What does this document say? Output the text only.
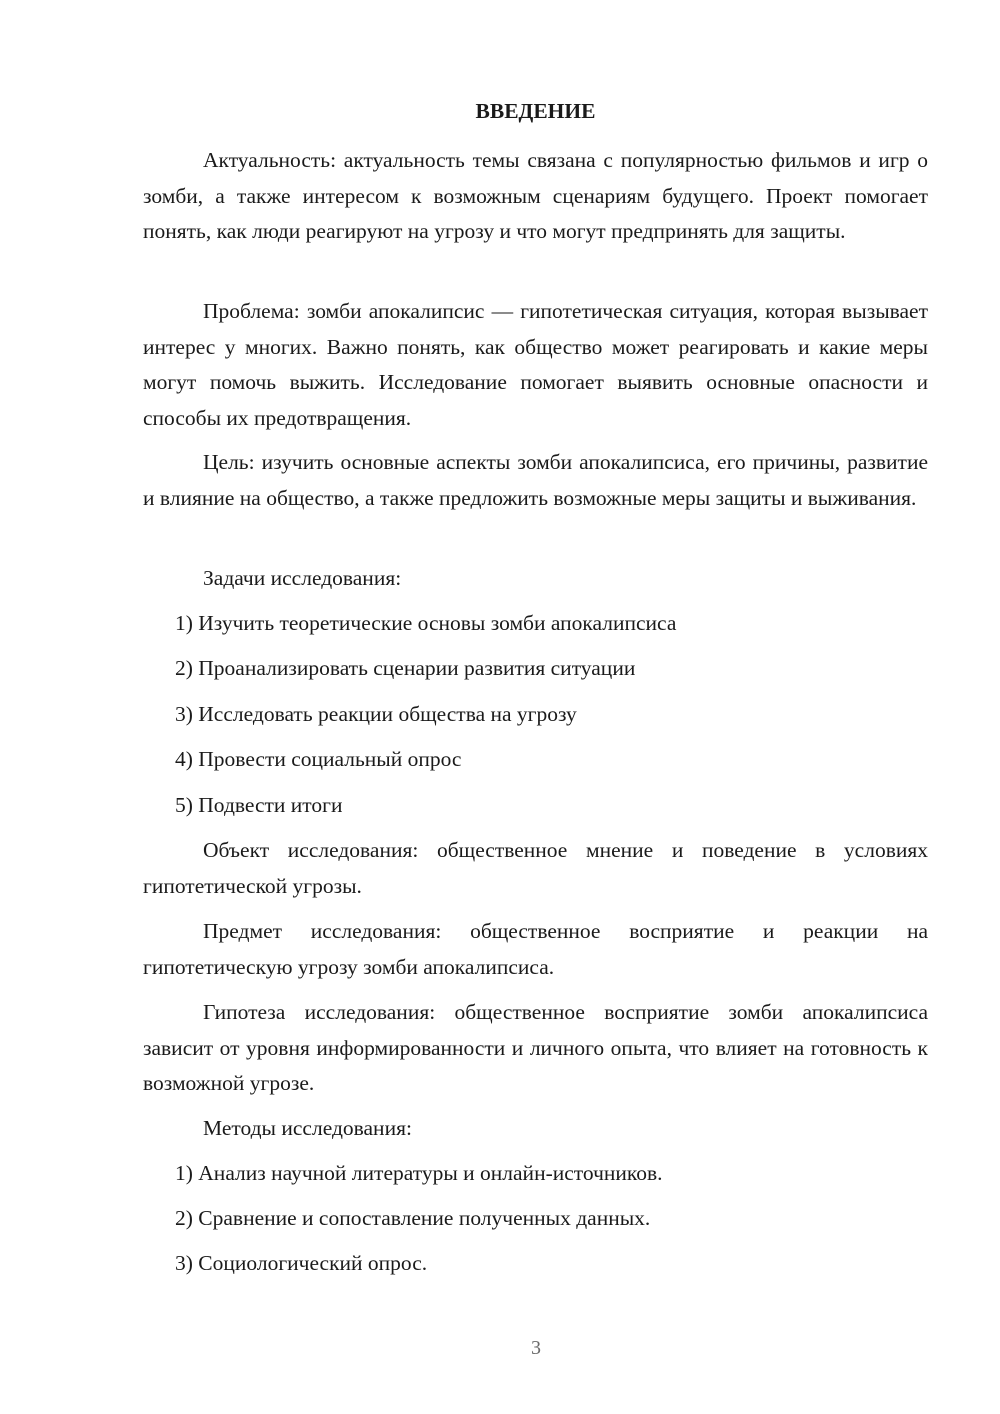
ВВЕДЕНИЕ

Актуальность: актуальность темы связана с популярностью фильмов и игр о зомби, а также интересом к возможным сценариям будущего. Проект помогает понять, как люди реагируют на угрозу и что могут предпринять для защиты.

Проблема: зомби апокалипсис — гипотетическая ситуация, которая вызывает интерес у многих. Важно понять, как общество может реагировать и какие меры могут помочь выжить. Исследование помогает выявить основные опасности и способы их предотвращения.

Цель: изучить основные аспекты зомби апокалипсиса, его причины, развитие и влияние на общество, а также предложить возможные меры защиты и выживания.

Задачи исследования:

1) Изучить теоретические основы зомби апокалипсиса

2) Проанализировать сценарии развития ситуации

3) Исследовать реакции общества на угрозу

4) Провести социальный опрос

5) Подвести итоги

Объект исследования: общественное мнение и поведение в условиях гипотетической угрозы.

Предмет исследования: общественное восприятие и реакции на гипотетическую угрозу зомби апокалипсиса.

Гипотеза исследования: общественное восприятие зомби апокалипсиса зависит от уровня информированности и личного опыта, что влияет на готовность к возможной угрозе.

Методы исследования:

1) Анализ научной литературы и онлайн-источников.

2) Сравнение и сопоставление полученных данных.

3) Социологический опрос.

3
